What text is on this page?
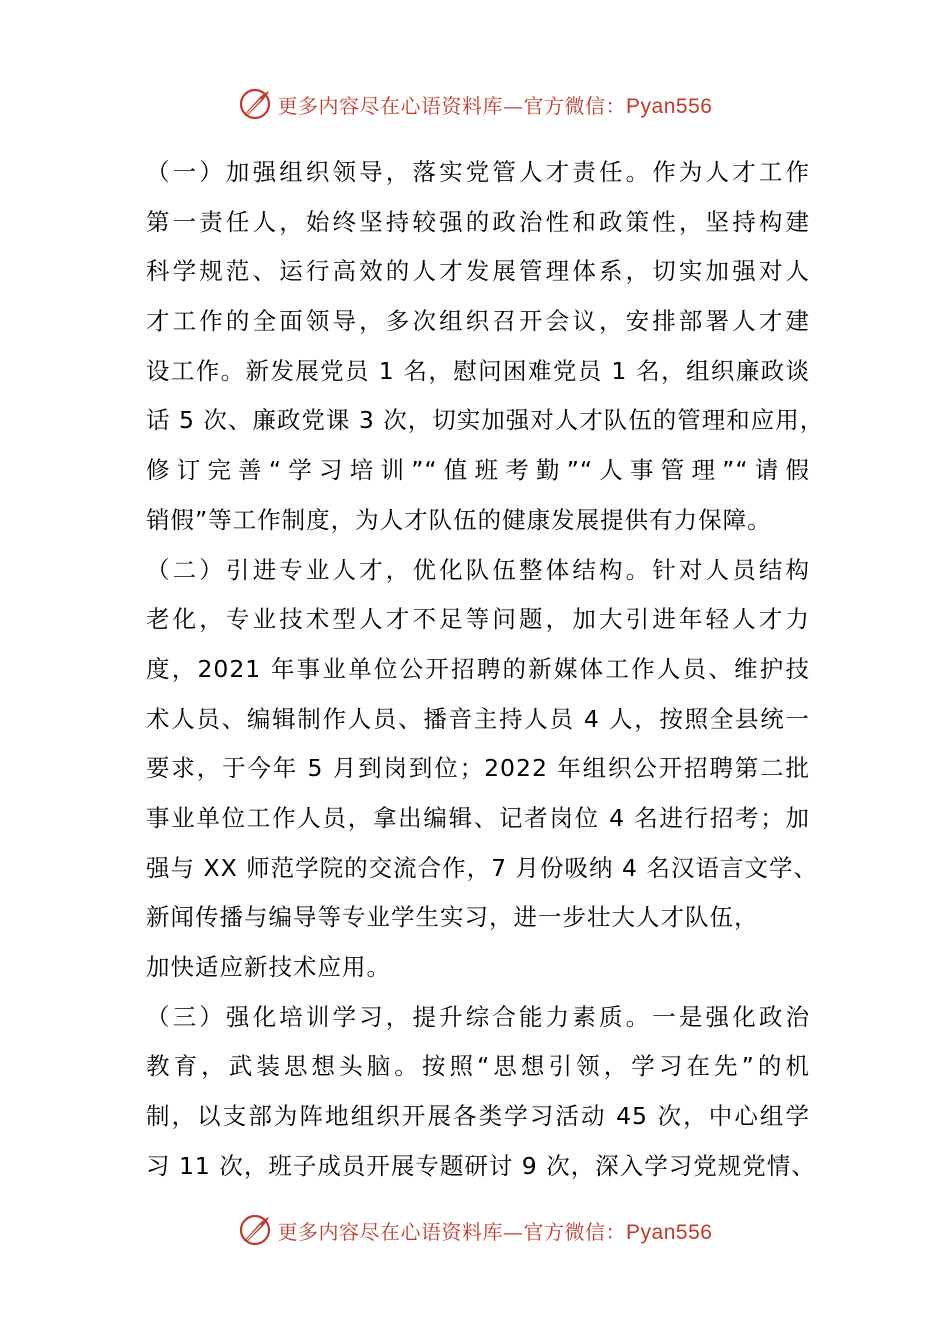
更多内容尽在心语资料库—官方微信：Pyan556
（一）加强组织领导，落实党管人才责任。作为人才工作
第一责任人，始终坚持较强的政治性和政策性，坚持构建
科学规范、运行高效的人才发展管理体系，切实加强对人
才工作的全面领导，多次组织召开会议，安排部署人才建
设工作。新发展党员 1 名，慰问困难党员 1 名，组织廉政谈
话 5 次、廉政党课 3 次，切实加强对人才队伍的管理和应用，
修订完善“学习培训”“值班考勤”“人事管理”“请假
销假”等工作制度，为人才队伍的健康发展提供有力保障。
（二）引进专业人才，优化队伍整体结构。针对人员结构
老化，专业技术型人才不足等问题，加大引进年轻人才力
度，2021 年事业单位公开招聘的新媒体工作人员、维护技
术人员、编辑制作人员、播音主持人员 4 人，按照全县统一
要求，于今年 5 月到岗到位；2022 年组织公开招聘第二批
事业单位工作人员，拿出编辑、记者岗位 4 名进行招考；加
强与 XX 师范学院的交流合作，7 月份吸纳 4 名汉语言文学、
新闻传播与编导等专业学生实习，进一步壮大人才队伍，
加快适应新技术应用。
（三）强化培训学习，提升综合能力素质。一是强化政治
教育，武装思想头脑。按照“思想引领，学习在先”的机
制，以支部为阵地组织开展各类学习活动 45 次，中心组学
习 11 次，班子成员开展专题研讨 9 次，深入学习党规党情、
更多内容尽在心语资料库—官方微信：Pyan556
